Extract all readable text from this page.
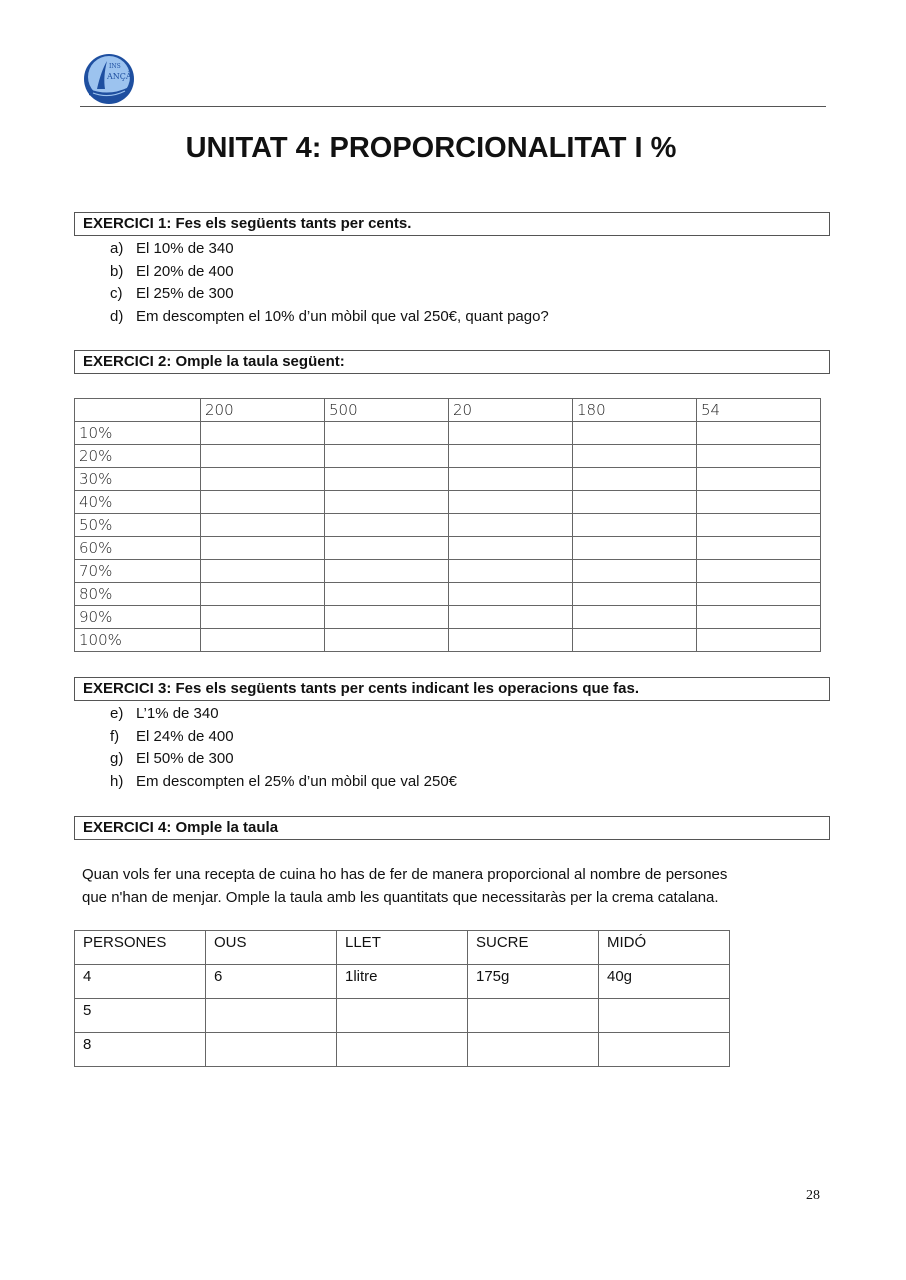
INS
ANÇÀ
UNITAT 4: PROPORCIONALITAT I %
EXERCICI 1: Fes els següents tants per cents.
a) El 10% de 340
b) El 20% de 400
c) El 25% de 300
d) Em descompten el 10% d’un mòbil que val 250€, quant pago?
EXERCICI 2: Omple la taula següent:
	200	500	20	180	54
10%					
20%					
30%					
40%					
50%					
60%					
70%					
80%					
90%					
100%					
EXERCICI 3: Fes els següents tants per cents indicant les operacions que fas.
e) L’1% de 340
f)	El 24% de 400
g) El 50% de 300
h) Em descompten el 25% d’un mòbil que val 250€
EXERCICI 4: Omple la taula
Quan vols fer una recepta de cuina ho has de fer de manera proporcional al nombre de persones
que n'han de menjar. Omple la taula amb les quantitats que necessitaràs per la crema catalana.
PERSONES	OUS	LLET	SUCRE	MIDÓ
4	6	1litre	175g	40g
5				
8				
28
